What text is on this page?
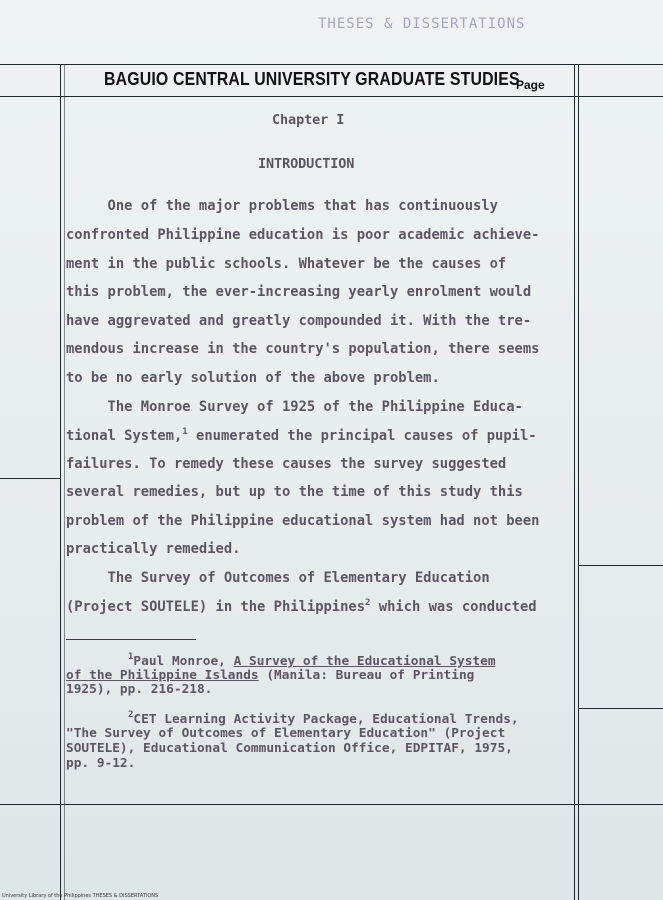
THESES & DISSERTATIONS
BAGUIO CENTRAL UNIVERSITY GRADUATE STUDIES
Page
Chapter I
INTRODUCTION
One of the major problems that has continuously
confronted Philippine education is poor academic achieve-
ment in the public schools. Whatever be the causes of
this problem, the ever-increasing yearly enrolment would
have aggrevated and greatly compounded it. With the tre-
mendous increase in the country's population, there seems
to be no early solution of the above problem.
The Monroe Survey of 1925 of the Philippine Educa-
tional System,$^1$ enumerated the principal causes of pupil-
failures. To remedy these causes the survey suggested
several remedies, but up to the time of this study this
problem of the Philippine educational system had not been
practically remedied.
The Survey of Outcomes of Elementary Education
(Project SOUTELE) in the Philippines$^2$ which was conducted
$^1$Paul Monroe, A Survey of the Educational System
of the Philippine Islands (Manila: Bureau of Printing
1925), pp. 216-218.
$^2$CET Learning Activity Package, Educational Trends,
"The Survey of Outcomes of Elementary Education" (Project
SOUTELE), Educational Communication Office, EDPITAF, 1975,
pp. 9-12.
University Library of the Philippines THESES & DISSERTATIONS
